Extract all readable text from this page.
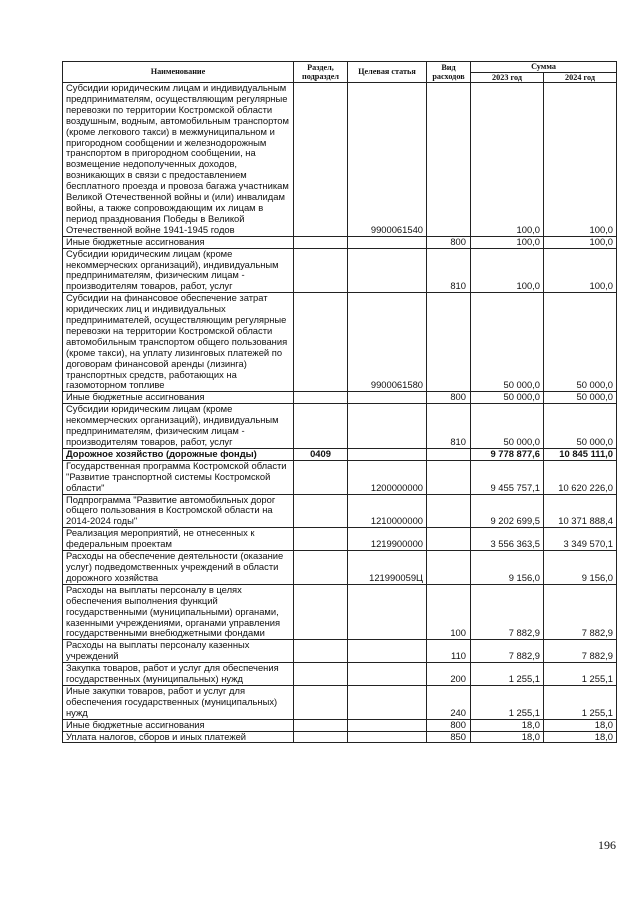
Наименование	Раздел, подраздел	Целевая статья	Вид расходов	Сумма	
				2023 год	2024 год
Субсидии юридическим лицам и индивидуальным предпринимателям, осуществляющим регулярные перевозки по территории Костромской области воздушным, водным, автомобильным транспортом (кроме легкового такси) в межмуниципальном и пригородном сообщении и железнодорожным транспортом в пригородном сообщении, на возмещение недополученных доходов, возникающих в связи с предоставлением бесплатного проезда и провоза багажа участникам Великой Отечественной войны и (или) инвалидам войны, а также сопровождающим их лицам в период празднования Победы в Великой Отечественной войне 1941-1945 годов		9900061540		100,0	100,0
Иные бюджетные ассигнования			800	100,0	100,0
Субсидии юридическим лицам (кроме некоммерческих организаций), индивидуальным предпринимателям, физическим лицам - производителям товаров, работ, услуг			810	100,0	100,0
Субсидии на финансовое обеспечение затрат юридических лиц и индивидуальных предпринимателей, осуществляющим регулярные перевозки на территории Костромской области автомобильным транспортом общего пользования (кроме такси), на уплату лизинговых платежей по договорам финансовой аренды (лизинга) транспортных средств, работающих на газомоторном топливе		9900061580		50 000,0	50 000,0
Иные бюджетные ассигнования			800	50 000,0	50 000,0
Субсидии юридическим лицам (кроме некоммерческих организаций), индивидуальным предпринимателям, физическим лицам - производителям товаров, работ, услуг			810	50 000,0	50 000,0
Дорожное хозяйство (дорожные фонды)	0409			9 778 877,6	10 845 111,0
Государственная программа Костромской области "Развитие транспортной системы Костромской области"		1200000000		9 455 757,1	10 620 226,0
Подпрограмма "Развитие автомобильных дорог общего пользования в Костромской области на 2014-2024 годы"		1210000000		9 202 699,5	10 371 888,4
Реализация мероприятий, не отнесенных к федеральным проектам		1219900000		3 556 363,5	3 349 570,1
Расходы на обеспечение деятельности (оказание услуг) подведомственных учреждений в области дорожного хозяйства		121990059Ц		9 156,0	9 156,0
Расходы на выплаты персоналу в целях обеспечения выполнения функций государственными (муниципальными) органами, казенными учреждениями, органами управления государственными внебюджетными фондами			100	7 882,9	7 882,9
Расходы на выплаты персоналу казенных учреждений			110	7 882,9	7 882,9
Закупка товаров, работ и услуг для обеспечения государственных (муниципальных) нужд			200	1 255,1	1 255,1
Иные закупки товаров, работ и услуг для обеспечения государственных (муниципальных) нужд			240	1 255,1	1 255,1
Иные бюджетные ассигнования			800	18,0	18,0
Уплата налогов, сборов и иных платежей			850	18,0	18,0
196
